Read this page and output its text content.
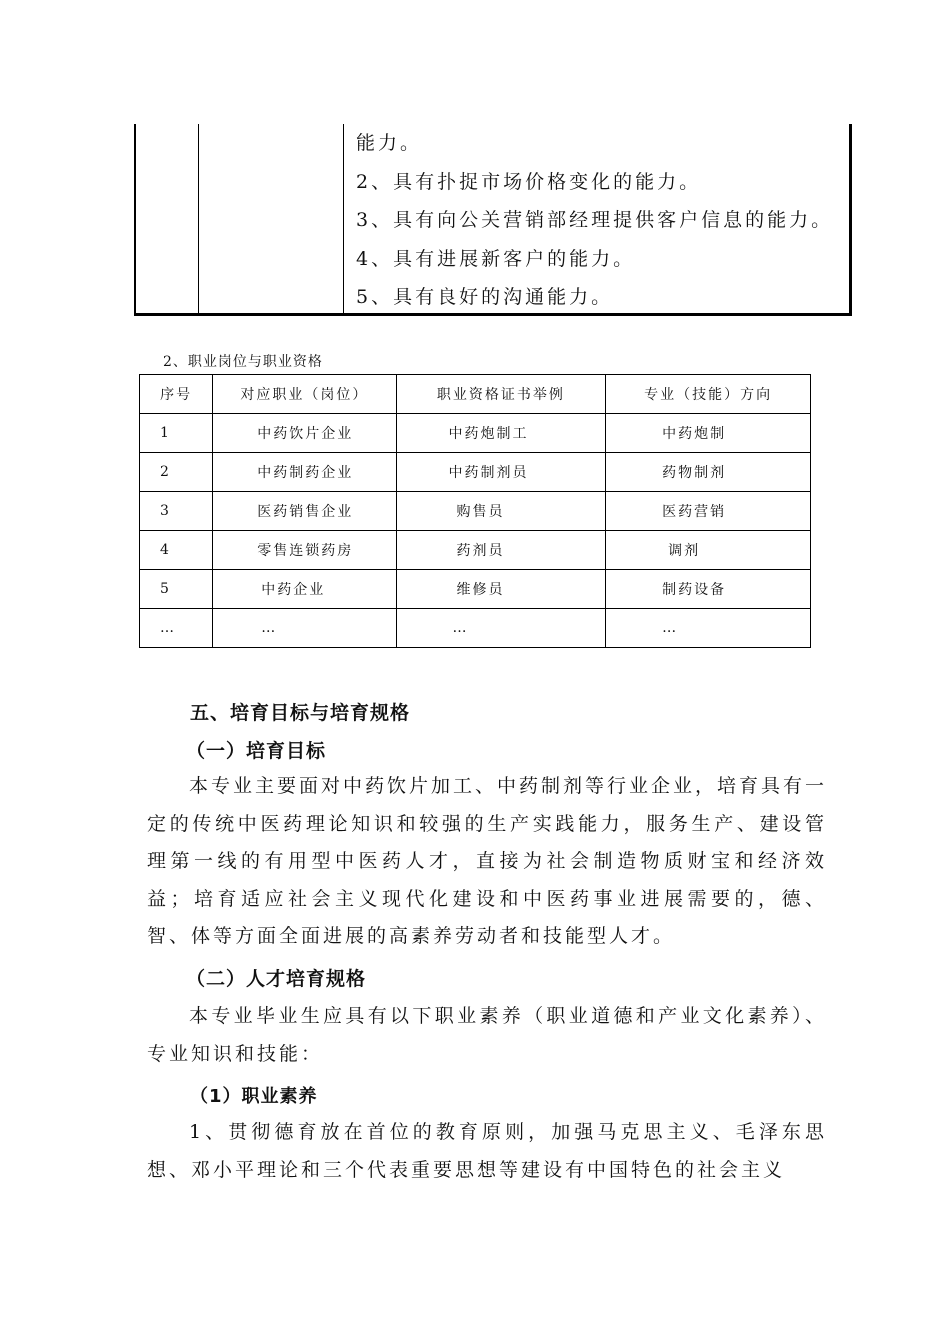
能力。
2、具有扑捉市场价格变化的能力。
3、具有向公关营销部经理提供客户信息的能力。
4、具有进展新客户的能力。
5、具有良好的沟通能力。
2、职业岗位与职业资格
序号	对应职业（岗位）	职业资格证书举例	专业（技能）方向
1	中药饮片企业	中药炮制工	中药炮制
2	中药制药企业	中药制剂员	药物制剂
3	医药销售企业	购售员	医药营销
4	零售连锁药房	药剂员	调剂
5	中药企业	维修员	制药设备
…	…	…	…
五、培育目标与培育规格
（一）培育目标
本专业主要面对中药饮片加工、中药制剂等行业企业，培育具有一定的传统中医药理论知识和较强的生产实践能力，服务生产、建设管理第一线的有用型中医药人才，直接为社会制造物质财宝和经济效益；培育适应社会主义现代化建设和中医药事业进展需要的，德、智、体等方面全面进展的高素养劳动者和技能型人才。
（二）人才培育规格
本专业毕业生应具有以下职业素养（职业道德和产业文化素养）、专业知识和技能：
（1）职业素养
1、贯彻德育放在首位的教育原则，加强马克思主义、毛泽东思想、邓小平理论和三个代表重要思想等建设有中国特色的社会主义
